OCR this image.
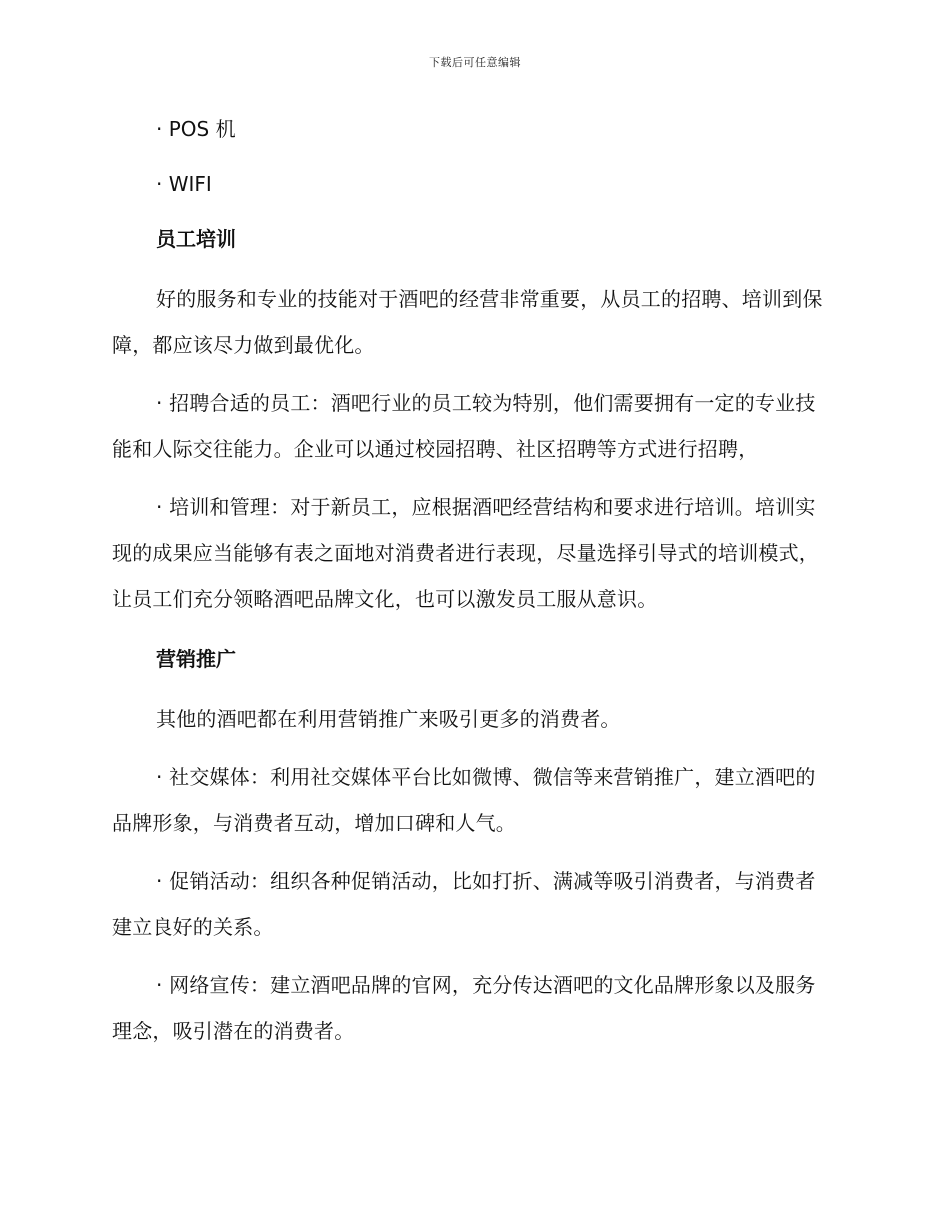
下载后可任意编辑
· POS 机
· WIFI
员工培训

好的服务和专业的技能对于酒吧的经营非常重要，从员工的招聘、培训到保障，都应该尽力做到最优化。

· 招聘合适的员工：酒吧行业的员工较为特别，他们需要拥有一定的专业技能和人际交往能力。企业可以通过校园招聘、社区招聘等方式进行招聘，

· 培训和管理：对于新员工，应根据酒吧经营结构和要求进行培训。培训实现的成果应当能够有表之面地对消费者进行表现，尽量选择引导式的培训模式，让员工们充分领略酒吧品牌文化，也可以激发员工服从意识。

营销推广

其他的酒吧都在利用营销推广来吸引更多的消费者。

· 社交媒体：利用社交媒体平台比如微博、微信等来营销推广，建立酒吧的品牌形象，与消费者互动，增加口碑和人气。

· 促销活动：组织各种促销活动，比如打折、满减等吸引消费者，与消费者建立良好的关系。

· 网络宣传：建立酒吧品牌的官网，充分传达酒吧的文化品牌形象以及服务理念，吸引潜在的消费者。
